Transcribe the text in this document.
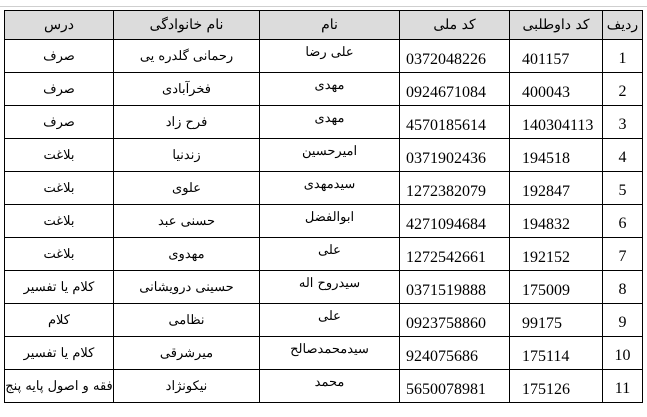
ردیف	کد داوطلبی	کد ملی	نام	نام خانوادگی	درس
1	401157	0372048226	علی رضا	رحمانی گلدره یی	صرف
2	400043	0924671084	مهدی	فخرآبادی	صرف
3	140304113	4570185614	مهدی	فرح زاد	صرف
4	194518	0371902436	امیرحسین	زندنیا	بلاغت
5	192847	1272382079	سیدمهدی	علوی	بلاغت
6	194832	4271094684	ابوالفضل	حسنی عبد	بلاغت
7	192152	1272542661	علی	مهدوی	بلاغت
8	175009	0371519888	سیدروح اله	حسینی درویشانی	کلام یا تفسیر
9	99175	0923758860	علی	نظامی	کلام
10	175114	924075686	سیدمحمدصالح	میرشرقی	کلام یا تفسیر
11	175126	5650078981	محمد	نیکونژاد	فقه و اصول پایه پنج
